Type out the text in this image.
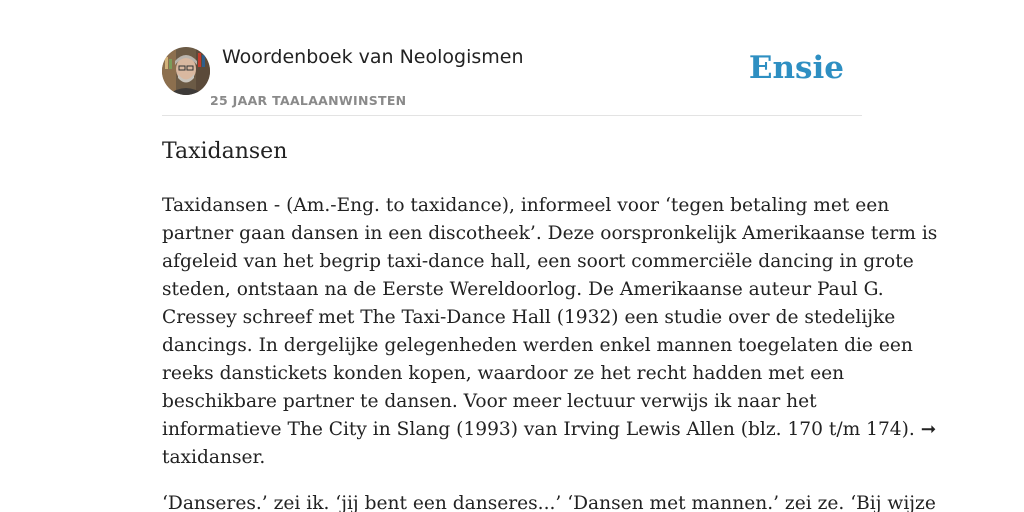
Woordenboek van Neologismen
25 JAAR TAALAANWINSTEN
Ensie
Taxidansen

Taxidansen - (Am.-Eng. to taxidance), informeel voor ‘tegen betaling met een
partner gaan dansen in een discotheek’. Deze oorspronkelijk Amerikaanse term is
afgeleid van het begrip taxi-dance hall, een soort commerciële dancing in grote
steden, ontstaan na de Eerste Wereldoorlog. De Amerikaanse auteur Paul G.
Cressey schreef met The Taxi-Dance Hall (1932) een studie over de stedelijke
dancings. In dergelijke gelegenheden werden enkel mannen toegelaten die een
reeks danstickets konden kopen, waardoor ze het recht hadden met een
beschikbare partner te dansen. Voor meer lectuur verwijs ik naar het
informatieve The City in Slang (1993) van Irving Lewis Allen (blz. 170 t/m 174). ➞
taxidanser.

‘Danseres.’ zei ik. ‘jij bent een danseres...’ ‘Dansen met mannen.’ zei ze. ‘Bij wijze
